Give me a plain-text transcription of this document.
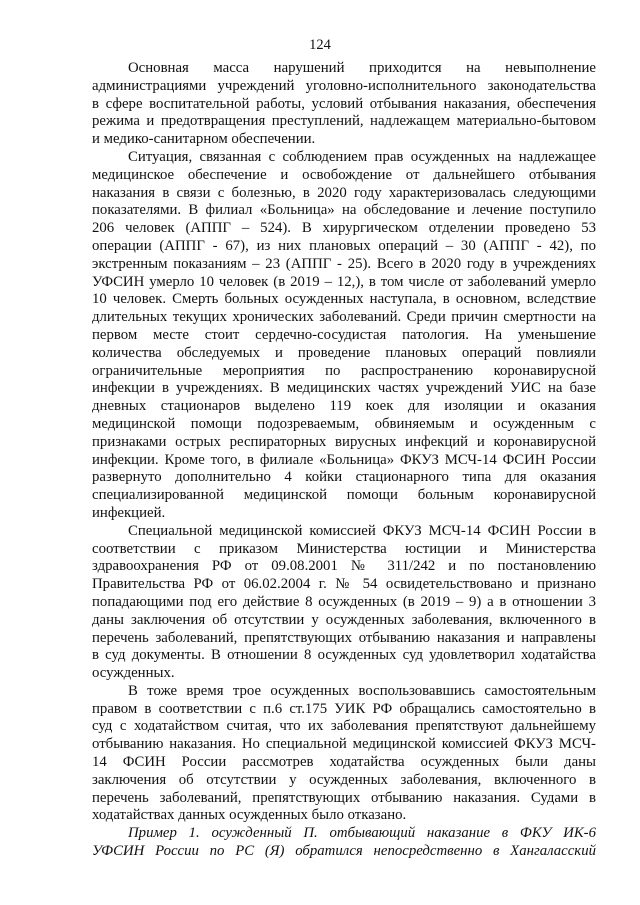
124

Основная масса нарушений приходится на невыполнение
администрациями учреждений уголовно-исполнительного законодательства
в сфере воспитательной работы, условий отбывания наказания, обеспечения
режима и предотвращения преступлений, надлежащем материально-бытовом
и медико-санитарном обеспечении.

Ситуация, связанная с соблюдением прав осужденных на надлежащее
медицинское обеспечение и освобождение от дальнейшего отбывания
наказания в связи с болезнью, в 2020 году характеризовалась следующими
показателями. В филиал «Больница» на обследование и лечение поступило
206 человек (АППГ – 524). В хирургическом отделении проведено 53
операции (АППГ - 67), из них плановых операций – 30 (АППГ - 42), по
экстренным показаниям – 23 (АППГ - 25). Всего в 2020 году в учреждениях
УФСИН умерло 10 человек (в 2019 – 12,), в том числе от заболеваний умерло
10 человек. Смерть больных осужденных наступала, в основном, вследствие
длительных текущих хронических заболеваний. Среди причин смертности на
первом месте стоит сердечно-сосудистая патология. На уменьшение
количества обследуемых и проведение плановых операций повлияли
ограничительные мероприятия по распространению коронавирусной
инфекции в учреждениях. В медицинских частях учреждений УИС на базе
дневных стационаров выделено 119 коек для изоляции и оказания
медицинской помощи подозреваемым, обвиняемым и осужденным с
признаками острых респираторных вирусных инфекций и коронавирусной
инфекции. Кроме того, в филиале «Больница» ФКУЗ МСЧ-14 ФСИН России
развернуто дополнительно 4 койки стационарного типа для оказания
специализированной медицинской помощи больным коронавирусной
инфекцией.

Специальной медицинской комиссией ФКУЗ МСЧ-14 ФСИН России в
соответствии с приказом Министерства юстиции и Министерства
здравоохранения РФ от 09.08.2001 № 311/242 и по постановлению
Правительства РФ от 06.02.2004 г. № 54 освидетельствовано и признано
попадающими под его действие 8 осужденных (в 2019 – 9) а в отношении 3
даны заключения об отсутствии у осужденных заболевания, включенного в
перечень заболеваний, препятствующих отбыванию наказания и направлены
в суд документы. В отношении 8 осужденных суд удовлетворил ходатайства
осужденных.

В тоже время трое осужденных воспользовавшись самостоятельным
правом в соответствии с п.6 ст.175 УИК РФ обращались самостоятельно в
суд с ходатайством считая, что их заболевания препятствуют дальнейшему
отбыванию наказания. Но специальной медицинской комиссией ФКУЗ МСЧ-
14 ФСИН России рассмотрев ходатайства осужденных были даны
заключения об отсутствии у осужденных заболевания, включенного в
перечень заболеваний, препятствующих отбыванию наказания. Судами в
ходатайствах данных осужденных было отказано.

Пример 1. осужденный П. отбывающий наказание в ФКУ ИК-6
УФСИН России по РС (Я) обратился непосредственно в Хангаласский
